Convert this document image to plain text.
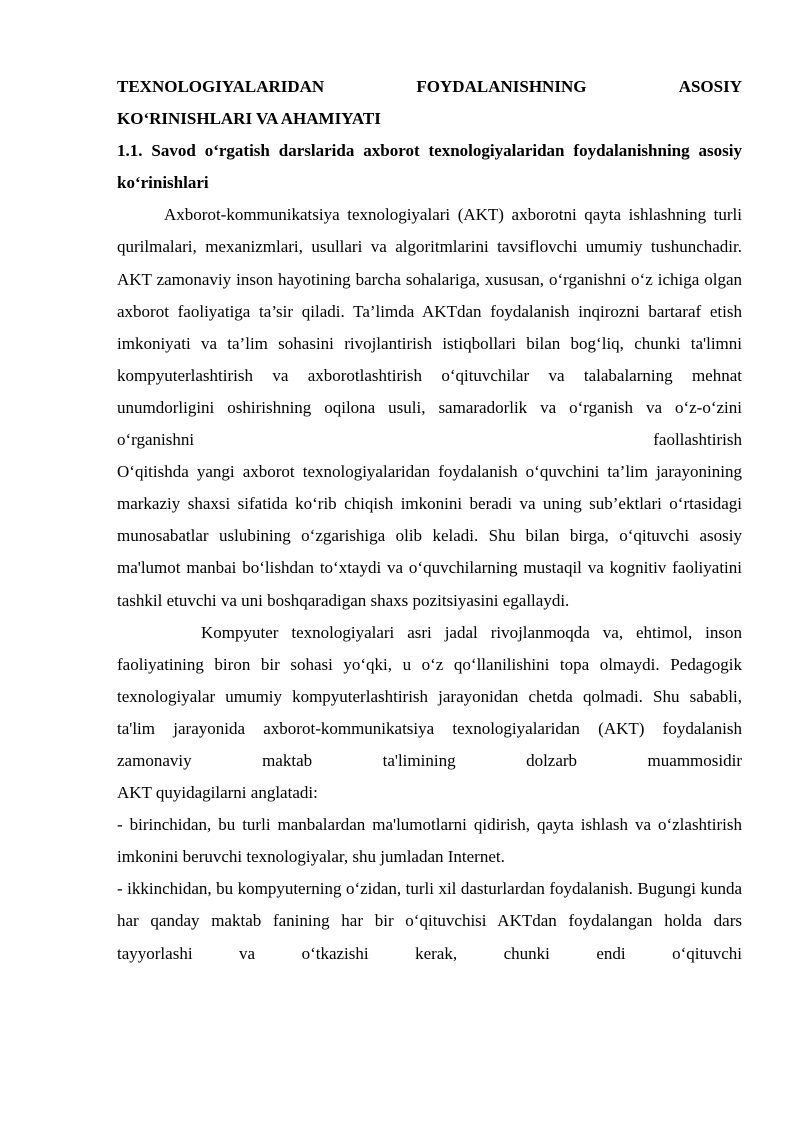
TEXNOLOGIYALARIDAN	FOYDALANISHNING	ASOSIY
KO‘RINISHLARI VA AHAMIYATI

1.1. Savod o‘rgatish darslarida axborot texnologiyalaridan foydalanishning asosiy ko‘rinishlari

Axborot-kommunikatsiya texnologiyalari (AKT) axborotni qayta ishlashning turli qurilmalari, mexanizmlari, usullari va algoritmlarini tavsiflovchi umumiy tushunchadir. AKT zamonaviy inson hayotining barcha sohalariga, xususan, o‘rganishni o‘z ichiga olgan axborot faoliyatiga ta’sir qiladi. Ta’limda AKTdan foydalanish inqirozni bartaraf etish imkoniyati va ta’lim sohasini rivojlantirish istiqbollari bilan bog‘liq, chunki ta'limni kompyuterlashtirish va axborotlashtirish o‘qituvchilar va talabalarning mehnat unumdorligini oshirishning oqilona usuli, samaradorlik va o‘rganish va o‘z-o‘zini o‘rganishni faollashtirish

O‘qitishda yangi axborot texnologiyalaridan foydalanish o‘quvchini ta’lim jarayonining markaziy shaxsi sifatida ko‘rib chiqish imkonini beradi va uning sub’ektlari o‘rtasidagi munosabatlar uslubining o‘zgarishiga olib keladi. Shu bilan birga, o‘qituvchi asosiy ma'lumot manbai bo‘lishdan to‘xtaydi va o‘quvchilarning mustaqil va kognitiv faoliyatini tashkil etuvchi va uni boshqaradigan shaxs pozitsiyasini egallaydi.

Kompyuter texnologiyalari asri jadal rivojlanmoqda va, ehtimol, inson faoliyatining biron bir sohasi yo‘qki, u o‘z qo‘llanilishini topa olmaydi. Pedagogik texnologiyalar umumiy kompyuterlashtirish jarayonidan chetda qolmadi. Shu sababli, ta'lim jarayonida axborot-kommunikatsiya texnologiyalaridan (AKT) foydalanish zamonaviy maktab ta'limining dolzarb muammosidir

AKT quyidagilarni anglatadi:

- birinchidan, bu turli manbalardan ma'lumotlarni qidirish, qayta ishlash va o‘zlashtirish imkonini beruvchi texnologiyalar, shu jumladan Internet.

- ikkinchidan, bu kompyuterning o‘zidan, turli xil dasturlardan foydalanish. Bugungi kunda har qanday maktab fanining har bir o‘qituvchisi AKTdan foydalangan holda dars tayyorlashi va o‘tkazishi kerak, chunki endi o‘qituvchi
